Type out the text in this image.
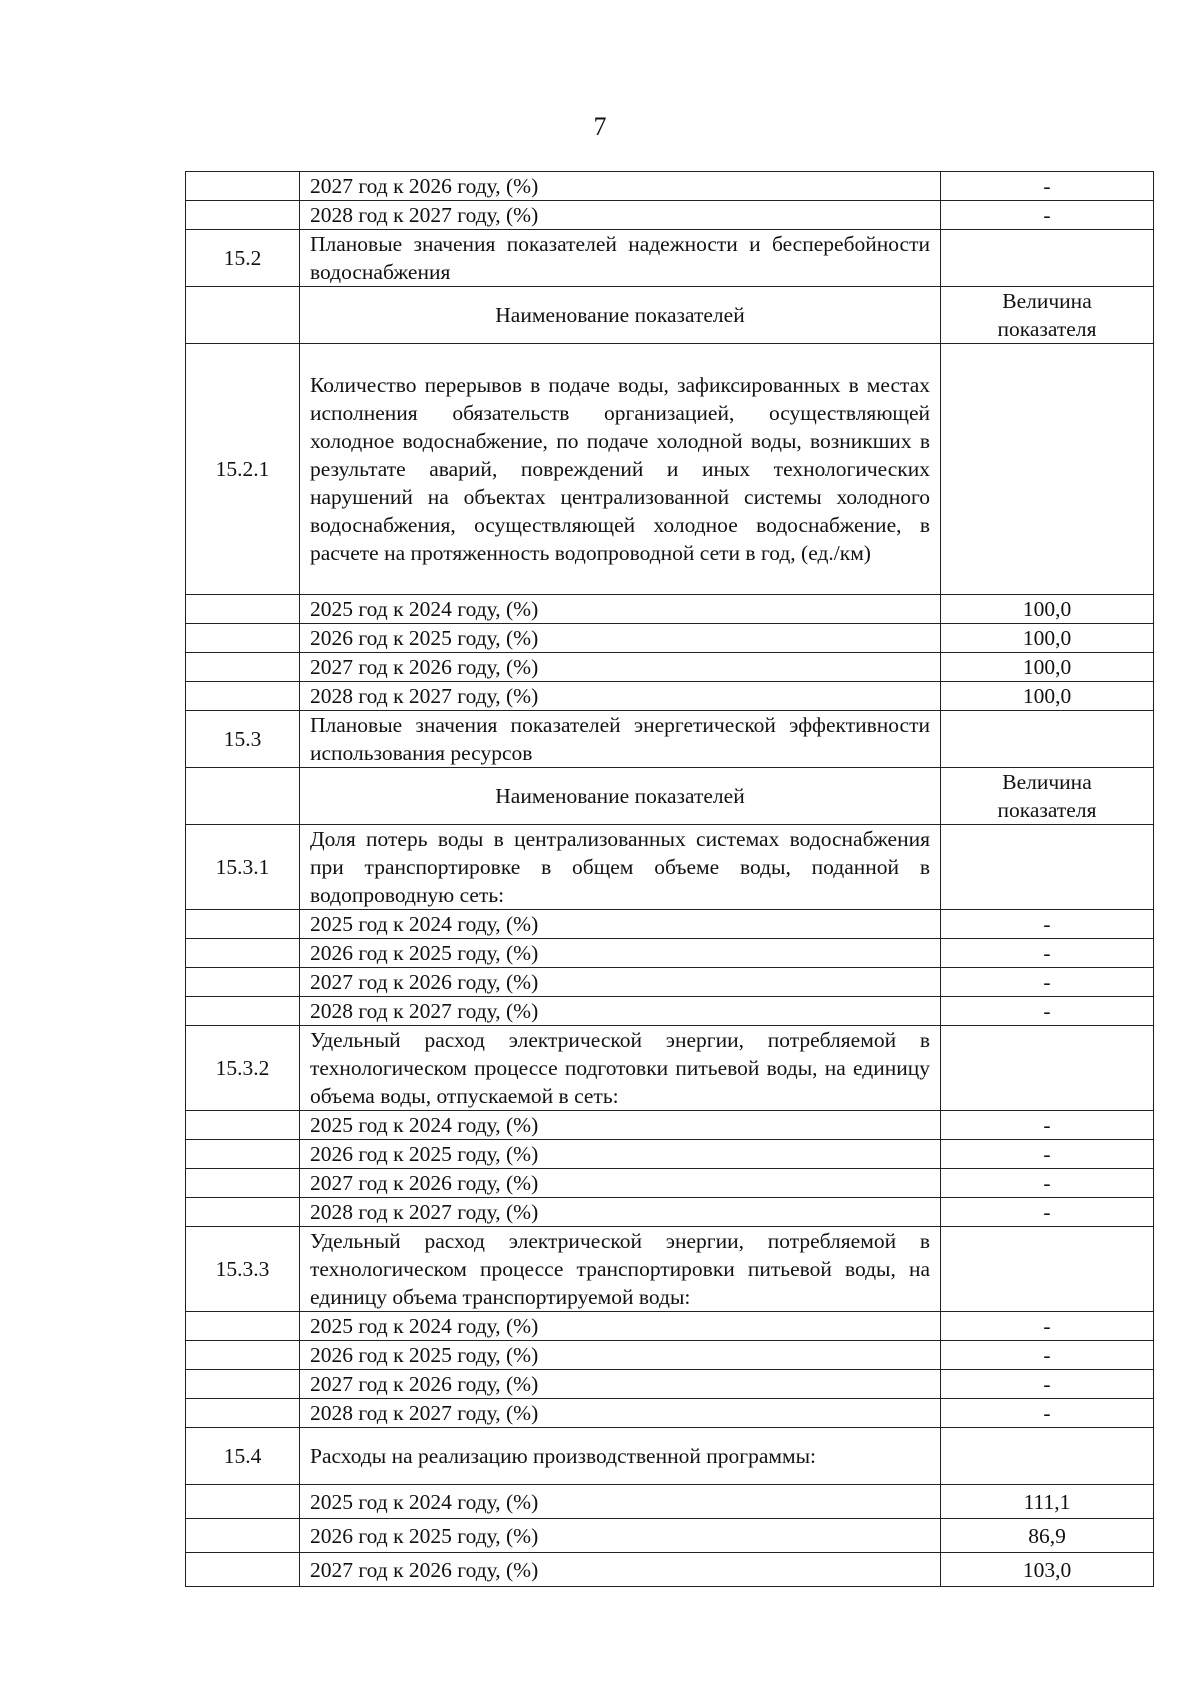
7
	2027 год к 2026 году, (%)	-
	2028 год к 2027 году, (%)	-
15.2	Плановые значения показателей надежности и бесперебойности водоснабжения	
	Наименование показателей	Величина показателя
15.2.1	Количество перерывов в подаче воды, зафиксированных в местах исполнения обязательств организацией, осуществляющей холодное водоснабжение, по подаче холодной воды, возникших в результате аварий, повреждений и иных технологических нарушений на объектах централизованной системы холодного водоснабжения, осуществляющей холодное водоснабжение, в расчете на протяженность водопроводной сети в год, (ед./км)	
	2025 год к 2024 году, (%)	100,0
	2026 год к 2025 году, (%)	100,0
	2027 год к 2026 году, (%)	100,0
	2028 год к 2027 году, (%)	100,0
15.3	Плановые значения показателей энергетической эффективности использования ресурсов	
	Наименование показателей	Величина показателя
15.3.1	Доля потерь воды в централизованных системах водоснабжения при транспортировке в общем объеме воды, поданной в водопроводную сеть:	
	2025 год к 2024 году, (%)	-
	2026 год к 2025 году, (%)	-
	2027 год к 2026 году, (%)	-
	2028 год к 2027 году, (%)	-
15.3.2	Удельный расход электрической энергии, потребляемой в технологическом процессе подготовки питьевой воды, на единицу объема воды, отпускаемой в сеть:	
	2025 год к 2024 году, (%)	-
	2026 год к 2025 году, (%)	-
	2027 год к 2026 году, (%)	-
	2028 год к 2027 году, (%)	-
15.3.3	Удельный расход электрической энергии, потребляемой в технологическом процессе транспортировки питьевой воды, на единицу объема транспортируемой воды:	
	2025 год к 2024 году, (%)	-
	2026 год к 2025 году, (%)	-
	2027 год к 2026 году, (%)	-
	2028 год к 2027 году, (%)	-
15.4	Расходы на реализацию производственной программы:	
	2025 год к 2024 году, (%)	111,1
	2026 год к 2025 году, (%)	86,9
	2027 год к 2026 году, (%)	103,0
